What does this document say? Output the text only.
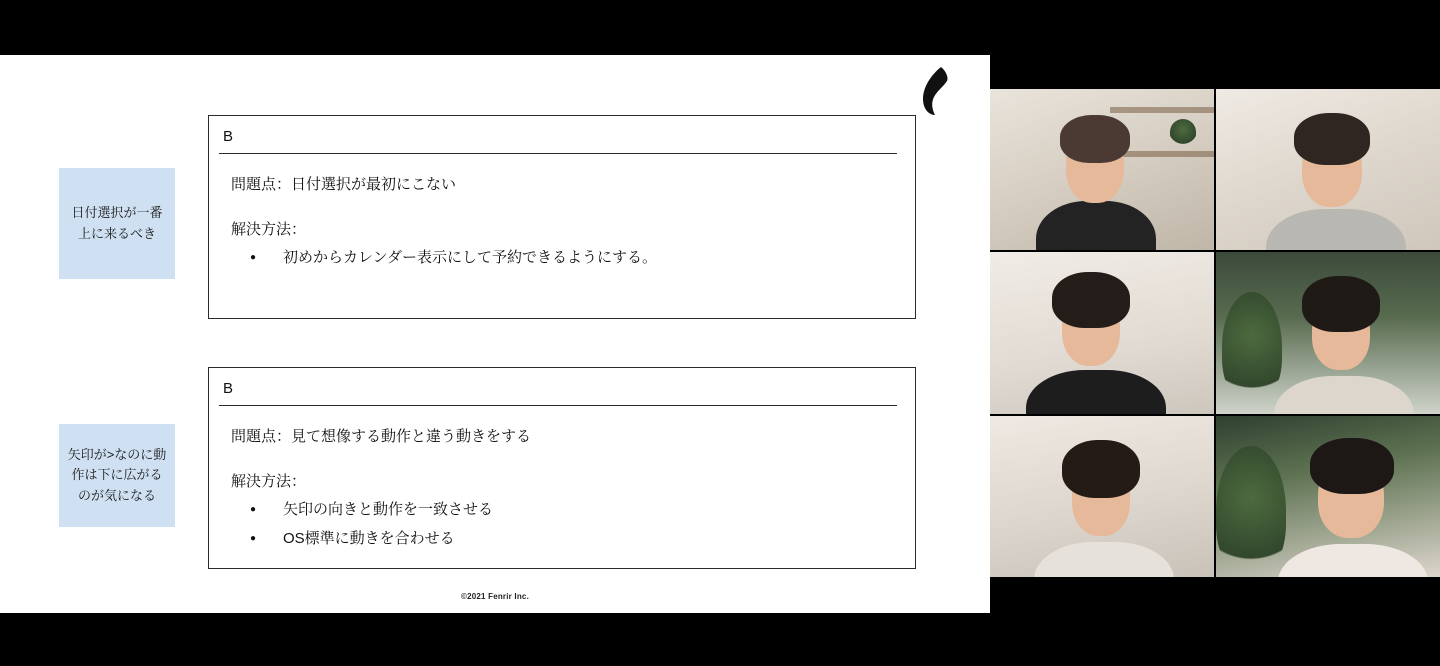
日付選択が一番上に来るべき
矢印が>なのに動作は下に広がるのが気になる
B

問題点：日付選択が最初にこない

解決方法：

● 初めからカレンダー表示にして予約できるようにする。
B

問題点：見て想像する動作と違う動きをする

解決方法：

● 矢印の向きと動作を一致させる
● OS標準に動きを合わせる
©2021 Fenrir Inc.
